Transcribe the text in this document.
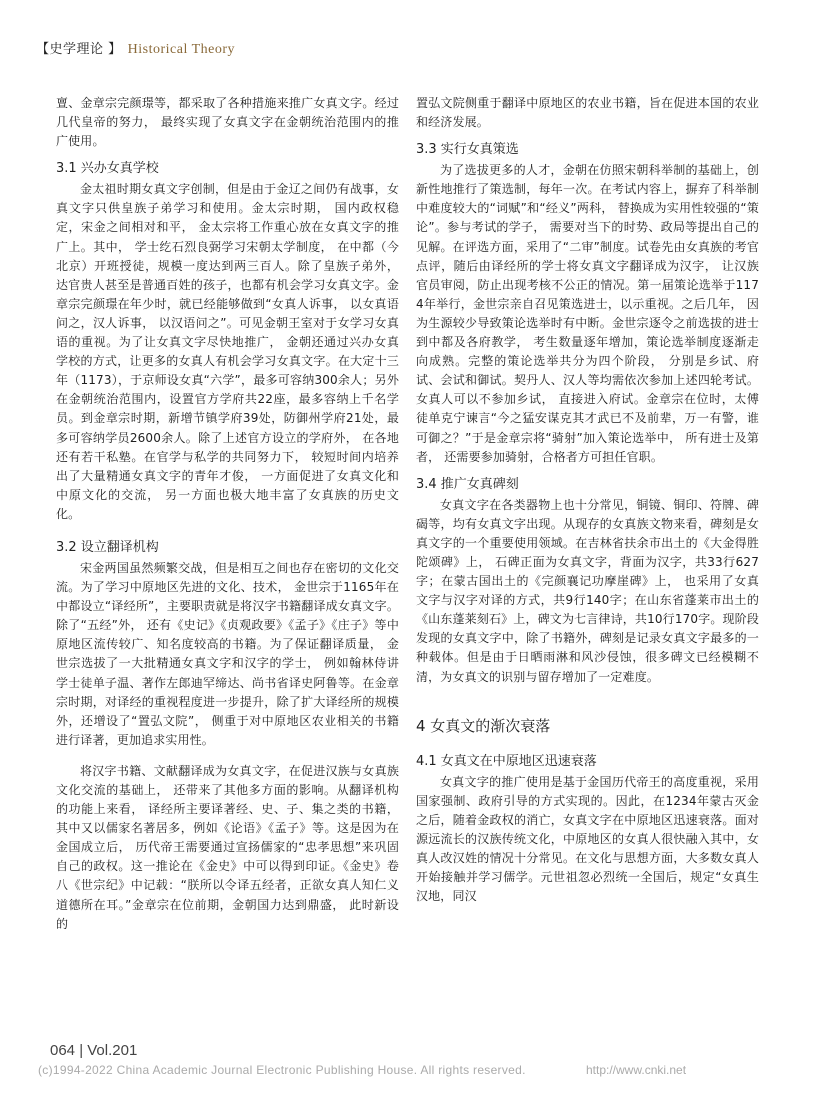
【史学理论 】 Historical Theory

亶、金章宗完颜璟等，都采取了各种措施来推广女真文字。经过几代皇帝的努力， 最终实现了女真文字在金朝统治范围内的推广使用。

3.1 兴办女真学校

金太祖时期女真文字创制，但是由于金辽之间仍有战事，女真文字只供皇族子弟学习和使用。金太宗时期， 国内政权稳定，宋金之间相对和平， 金太宗将工作重心放在女真文字的推广上。其中， 学士纥石烈良弼学习宋朝太学制度， 在中都（今北京）开班授徒，规模一度达到两三百人。除了皇族子弟外， 达官贵人甚至是普通百姓的孩子，也都有机会学习女真文字。金章宗完颜璟在年少时，就已经能够做到“女真人诉事， 以女真语问之，汉人诉事， 以汉语问之”。可见金朝王室对于女学习女真语的重视。为了让女真文字尽快地推广， 金朝还通过兴办女真学校的方式，让更多的女真人有机会学习女真文字。在大定十三年（1173），于京师设女真“六学”，最多可容纳300余人；另外在金朝统治范围内，设置官方学府共22座，最多容纳上千名学员。到金章宗时期，新增节镇学府39处，防御州学府21处，最多可容纳学员2600余人。除了上述官方设立的学府外， 在各地还有若干私塾。在官学与私学的共同努力下， 较短时间内培养出了大量精通女真文字的青年才俊， 一方面促进了女真文化和中原文化的交流， 另一方面也极大地丰富了女真族的历史文化。

3.2 设立翻译机构

宋金两国虽然频繁交战，但是相互之间也存在密切的文化交流。为了学习中原地区先进的文化、技术， 金世宗于1165年在中都设立“译经所”，主要职责就是将汉字书籍翻译成女真文字。除了“五经”外， 还有《史记》《贞观政要》《孟子》《庄子》等中原地区流传较广、知名度较高的书籍。为了保证翻译质量， 金世宗选拔了一大批精通女真文字和汉字的学士， 例如翰林侍讲学士徒单子温、著作左郎迪罕缔达、尚书省译史阿鲁等。在金章宗时期，对译经的重视程度进一步提升，除了扩大译经所的规模外，还增设了“置弘文院”， 侧重于对中原地区农业相关的书籍进行译著，更加追求实用性。

将汉字书籍、文献翻译成为女真文字，在促进汉族与女真族文化交流的基础上， 还带来了其他多方面的影响。从翻译机构的功能上来看， 译经所主要译著经、史、子、集之类的书籍，其中又以儒家名著居多，例如《论语》《孟子》等。这是因为在金国成立后， 历代帝王需要通过宣扬儒家的“忠孝思想”来巩固自己的政权。这一推论在《金史》中可以得到印证。《金史》卷八《世宗纪》中记载：“朕所以令译五经者，正欲女真人知仁义道德所在耳。”金章宗在位前期，金朝国力达到鼎盛， 此时新设的

置弘文院侧重于翻译中原地区的农业书籍，旨在促进本国的农业和经济发展。

3.3 实行女真策选

为了选拔更多的人才，金朝在仿照宋朝科举制的基础上，创新性地推行了策选制，每年一次。在考试内容上，摒弃了科举制中难度较大的“词赋”和“经义”两科， 替换成为实用性较强的“策论”。参与考试的学子， 需要对当下的时势、政局等提出自己的见解。在评选方面，采用了“二审”制度。试卷先由女真族的考官点评，随后由译经所的学士将女真文字翻译成为汉字， 让汉族官员审阅，防止出现考核不公正的情况。第一届策论选举于1174年举行，金世宗亲自召见策选进士，以示重视。之后几年， 因为生源较少导致策论选举时有中断。金世宗逐令之前选拔的进士到中都及各府教学， 考生数量逐年增加，策论选举制度逐渐走向成熟。完整的策论选举共分为四个阶段， 分别是乡试、府试、会试和御试。契丹人、汉人等均需依次参加上述四轮考试。女真人可以不参加乡试， 直接进入府试。金章宗在位时，太傅徒单克宁谏言“今之猛安谋克其才武已不及前辈，万一有警，谁可御之？”于是金章宗将“骑射”加入策论选举中， 所有进士及第者， 还需要参加骑射，合格者方可担任官职。

3.4 推广女真碑刻

女真文字在各类器物上也十分常见，铜镜、铜印、符牌、碑碣等，均有女真文字出现。从现存的女真族文物来看，碑刻是女真文字的一个重要使用领域。在吉林省扶余市出土的《大金得胜陀颂碑》上， 石碑正面为女真文字，背面为汉字，共33行627字；在蒙古国出土的《完颜襄记功摩崖碑》上， 也采用了女真文字与汉字对译的方式，共9行140字；在山东省蓬莱市出土的《山东蓬莱刻石》上，碑文为七言律诗，共10行170字。现阶段发现的女真文字中，除了书籍外，碑刻是记录女真文字最多的一种载体。但是由于日晒雨淋和风沙侵蚀，很多碑文已经模糊不清，为女真文的识别与留存增加了一定难度。

4 女真文的渐次衰落

4.1 女真文在中原地区迅速衰落

女真文字的推广使用是基于金国历代帝王的高度重视，采用国家强制、政府引导的方式实现的。因此，在1234年蒙古灭金之后，随着金政权的消亡，女真文字在中原地区迅速衰落。面对源远流长的汉族传统文化，中原地区的女真人很快融入其中，女真人改汉姓的情况十分常见。在文化与思想方面，大多数女真人开始接触并学习儒学。元世祖忽必烈统一全国后，规定“女真生汉地，同汉

064 | Vol.201
(c)1994-2022 China Academic Journal Electronic Publishing House. All rights reserved.	http://www.cnki.net
